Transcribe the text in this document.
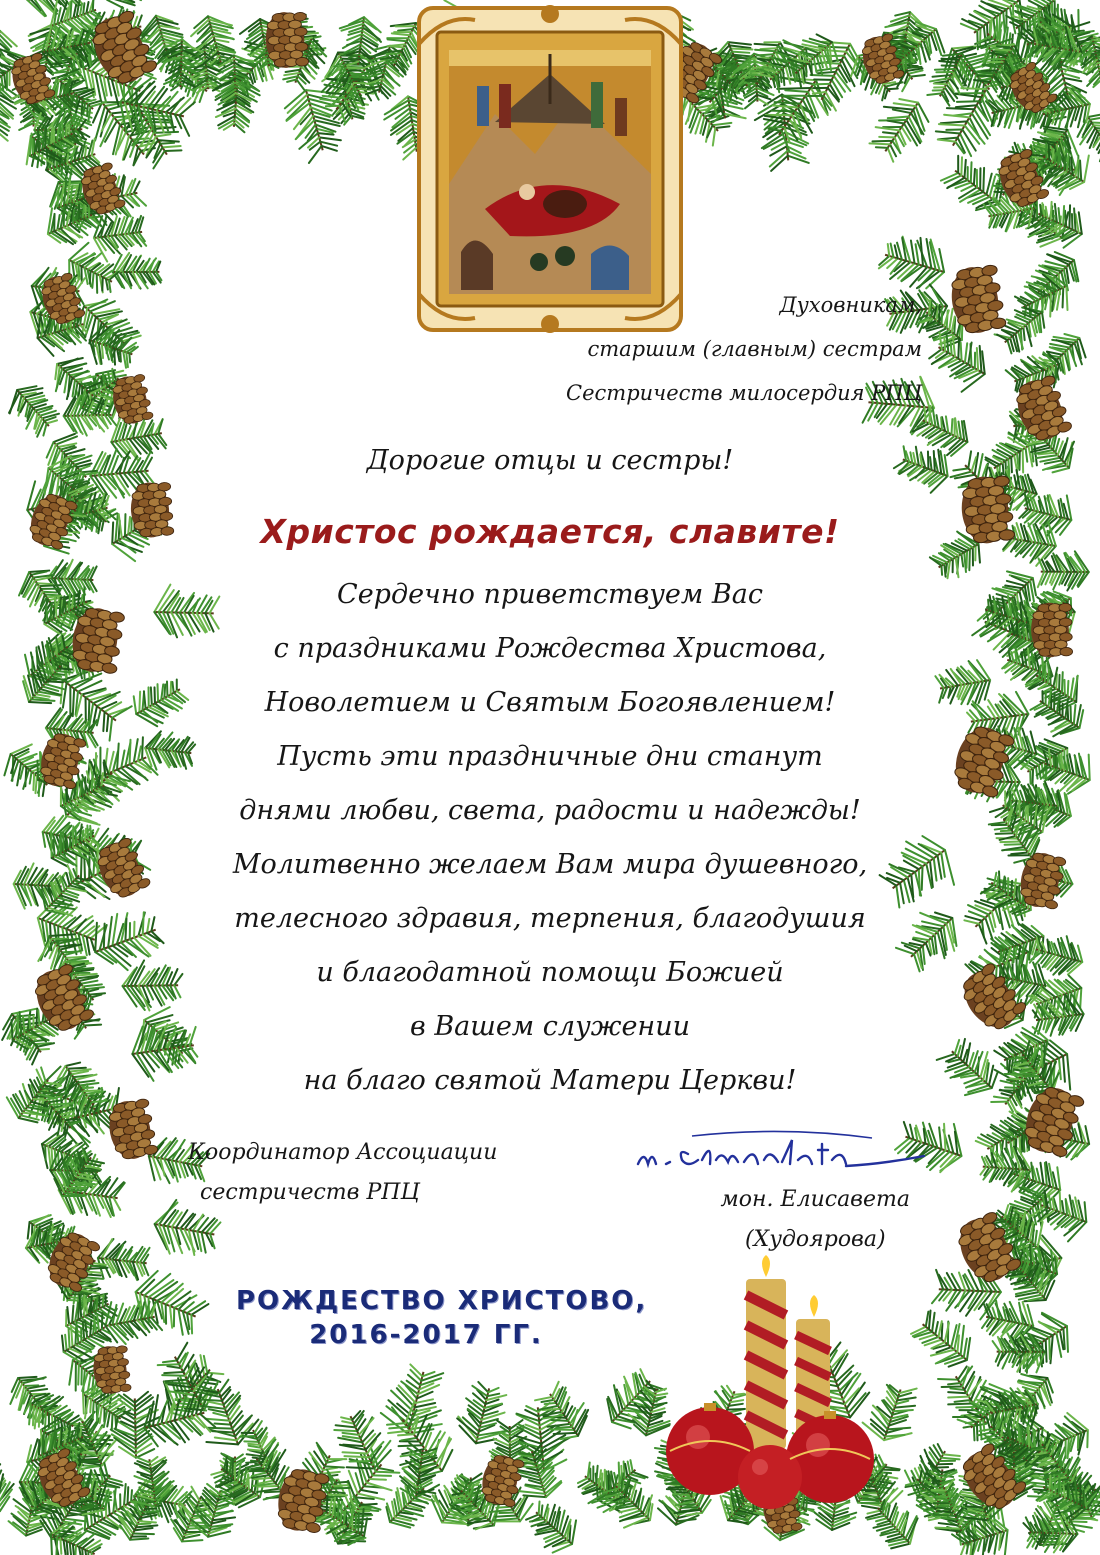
Духовникам,
старшим (главным) сестрам
Сестричеств милосердия РПЦ
Дорогие отцы и сестры!
Христос рождается, славите!
Сердечно приветствуем Вас
с праздниками Рождества Христова,
Новолетием и Святым Богоявлением!
Пусть эти праздничные дни станут
днями любви, света, радости и надежды!
Молитвенно желаем Вам мира душевного,
телесного здравия, терпения, благодушия
и благодатной помощи Божией
в Вашем служении
на благо святой Матери Церкви!
Координатор Ассоциации
сестричеств РПЦ	мон. Елисавета
(Худоярова)
РОЖДЕСТВО ХРИСТОВО,
2016-2017 ГГ.
